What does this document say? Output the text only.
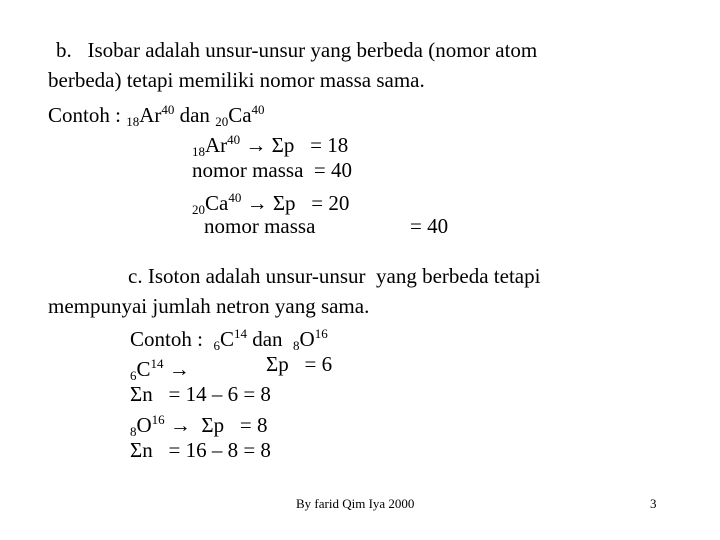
b.   Isobar adalah unsur-unsur yang berbeda (nomor atom
berbeda) tetapi memiliki nomor massa sama.
Contoh : $_{18}Ar^{40}$ dan $_{20}Ca^{40}$
$_{18}Ar^{40} \to \Sigma p = 18$
nomor massa  = 40
$_{20}Ca^{40} \to \Sigma p = 20$
nomor massa	= 40
c. Isoton adalah unsur-unsur  yang berbeda tetapi
mempunyai jumlah netron yang sama.
Contoh :  $_6C^{14}$ dan  $_8O^{16}$
$_6C^{14}$ →	Σp   = 6
Σn   = 14 – 6 = 8
$_8O^{16} \to \Sigma p = 8$
Σn   = 16 – 8 = 8
By farid Qim Iya 2000	3
